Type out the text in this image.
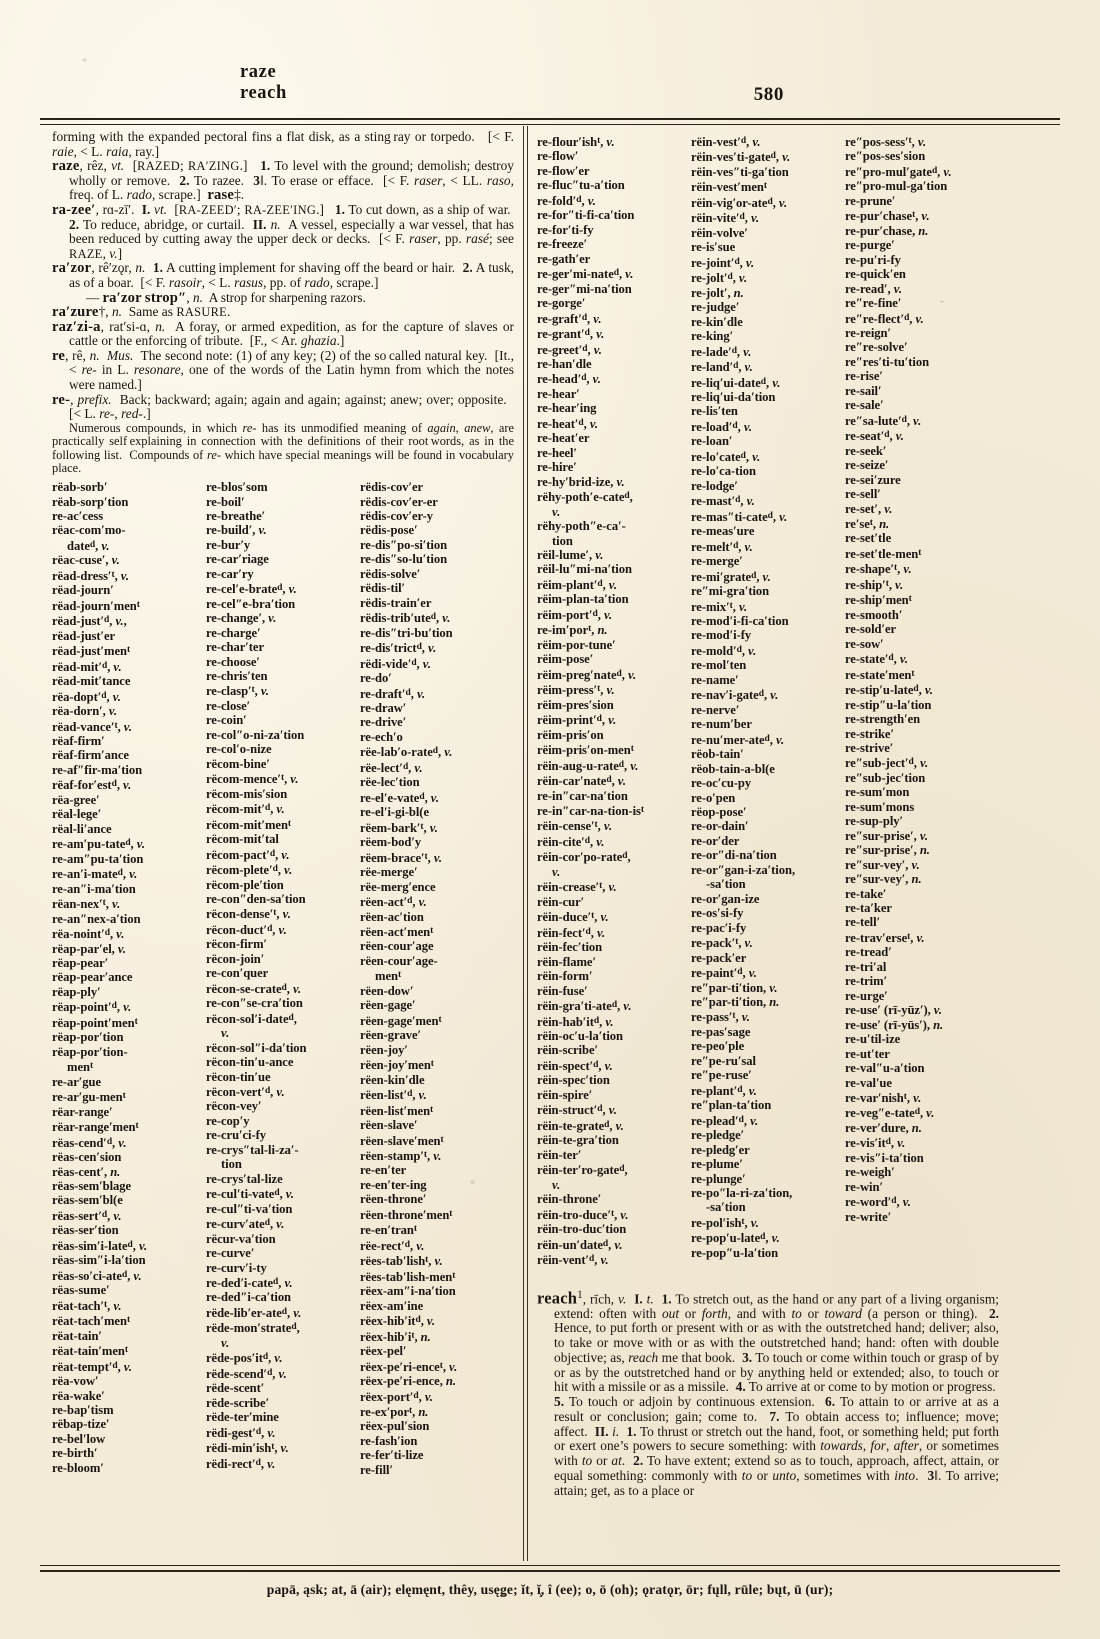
raze
reach	580
forming with the expanded pectoral fins a flat disk, as a sting ray or torpedo.   [< F. raie, < L. raia, ray.]
raze, rêz, vt.  [RAZED; RA′ZING.]   1. To level with the ground; demolish; destroy wholly or remove.  2. To razee.  3‖. To erase or efface.  [< F. raser, < LL. raso, freq. of L. rado, scrape.]  rase‡.
ra-zee′, rɑ-zī′.  I. vt.  [RA-ZEED′; RA-ZEE′ING.]   1. To cut down, as a ship of war.  2. To reduce, abridge, or curtail.  II. n.  A vessel, especially a war vessel, that has been reduced by cutting away the upper deck or decks.  [< F. raser, pp. rasé; see RAZE, v.]
ra′zor, rê′zǫr, n. 1. A cutting implement for shaving off the beard or hair.  2. A tusk, as of a boar.  [< F. rasoir, < L. rasus, pp. of rado, scrape.]
— ra′zor strop″, n.  A strop for sharpening razors.
ra′zure†, n.  Same as RASURE.
raz′zi-a, rat′si-ɑ, n.  A foray, or armed expedition, as for the capture of slaves or cattle or the enforcing of tribute.  [F., < Ar. ghazia.]
re, rê, n. Mus.  The second note: (1) of any key; (2) of the so called natural key.  [It., < re- in L. resonare, one of the words of the Latin hymn from which the notes were named.]
re-, prefix.  Back; backward; again; again and again; against; anew; over; opposite.   [< L. re-, red-.]
Numerous compounds, in which re- has its unmodified meaning of again, anew, are practically self explaining in connection with the definitions of their root words, as in the following list.  Compounds of re- which have special meanings will be found in vocabulary place.
rëab-sorb′
rëab-sorp′tion
re-ac′cess
rëac-com′mo-
date$^d$, v.
rëac-cuse′, v.
$rëad-dress'^t$, v.
rëad-journ′
rëad-journ′men$^t$
$rëad-just'^d$, v.,
rëad-just′er
rëad-just′men$^t$
$rëad-mit'^d$, v.
rëad-mit′tance
$rëa-dopt'^d$, v.
rëa-dorn′, v.
$rëad-vance'^t$, v.
rëaf-firm′
rëaf-firm′ance
re-af″fir-ma′tion
rëaf-for′est$^d$, v.
rëa-gree′
rëal-lege′
rëal-li′ance
re-am′pu-tate$^d$, v.
re-am″pu-ta′tion
re-an′i-mate$^d$, v.
re-an″i-ma′tion
$rëan-nex'^t$, v.
re-an″nex-a′tion
$rëa-noint'^d$, v.
rëap-par′el, v.
rëap-pear′
rëap-pear′ance
rëap-ply′
$rëap-point'^d$, v.
rëap-point′men$^t$
rëap-por′tion
rëap-por′tion-
men$^t$
re-ar′gue
re-ar′gu-men$^t$
rëar-range′
rëar-range′men$^t$
$rëas-cend'^d$, v.
rëas-cen′sion
rëas-cent′, n.
rëas-sem′blage
rëas-sem′bl(e
$rëas-sert'^d$, v.
rëas-ser′tion
rëas-sim′i-late$^d$, v.
rëas-sim″i-la′tion
rëas-so′ci-ate$^d$, v.
rëas-sume′
$rëat-tach'^t$, v.
rëat-tach′men$^t$
rëat-tain′
rëat-tain′men$^t$
$rëat-tempt'^d$, v.
rëa-vow′
rëa-wake′
re-bap′tism
rëbap-tize′
re-bel′low
re-birth′
re-bloom′
re-blos′som
re-boil′
re-breathe′
re-build′, v.
re-bur′y
re-car′riage
re-car′ry
re-cel′e-brate$^d$, v.
re-cel″e-bra′tion
re-change′, v.
re-charge′
re-char′ter
re-choose′
re-chris′ten
$re-clasp'^t$, v.
re-close′
re-coin′
re-col″o-ni-za′tion
re-col′o-nize
rëcom-bine′
$rëcom-mence'^t$, v.
rëcom-mis′sion
$rëcom-mit'^d$, v.
rëcom-mit′men$^t$
rëcom-mit′tal
$rëcom-pact'^d$, v.
$rëcom-plete'^d$, v.
rëcom-ple′tion
re-con″den-sa′tion
$rëcon-dense'^t$, v.
$rëcon-duct'^d$, v.
rëcon-firm′
rëcon-join′
re-con′quer
rëcon-se-crate$^d$, v.
re-con″se-cra′tion
rëcon-sol′i-date$^d$,
v.
rëcon-sol″i-da′tion
rëcon-tin′u-ance
rëcon-tin′ue
$rëcon-vert'^d$, v.
rëcon-vey′
re-cop′y
re-cru′ci-fy
re-crys″tal-li-za′-
tion
re-crys′tal-lize
re-cul′ti-vate$^d$, v.
re-cul″ti-va′tion
re-curv′ate$^d$, v.
rëcur-va′tion
re-curve′
re-curv′i-ty
re-ded′i-cate$^d$, v.
re-ded″i-ca′tion
rëde-lib′er-ate$^d$, v.
rëde-mon′strate$^d$,
v.
$rëde-pos'it^d$, v.
$rëde-scend'^d$, v.
rëde-scent′
rëde-scribe′
rëde-ter′mine
$rëdi-gest'^d$, v.
rëdi-min′ish$^t$, v.
$rëdi-rect'^d$, v.
rëdis-cov′er
rëdis-cov′er-er
rëdis-cov′er-y
rëdis-pose′
re-dis″po-si′tion
re-dis″so-lu′tion
rëdis-solve′
rëdis-til′
rëdis-train′er
rëdis-trib′ute$^d$, v.
re-dis″tri-bu′tion
re-dis′trict$^d$, v.
$rëdi-vide'^d$, v.
re-do′
$re-draft'^d$, v.
re-draw′
re-drive′
re-ech′o
rëe-lab′o-rate$^d$, v.
$rëe-lect'^d$, v.
rëe-lec′tion
re-el′e-vate$^d$, v.
re-el′i-gi-bl(e
$rëem-bark'^t$, v.
rëem-bod′y
$rëem-brace'^t$, v.
rëe-merge′
rëe-merg′ence
$rëen-act'^d$, v.
rëen-ac′tion
rëen-act′men$^t$
rëen-cour′age
rëen-cour′age-
men$^t$
rëen-dow′
rëen-gage′
rëen-gage′men$^t$
rëen-grave′
rëen-joy′
rëen-joy′men$^t$
rëen-kin′dle
$rëen-list'^d$, v.
rëen-list′men$^t$
rëen-slave′
rëen-slave′men$^t$
$rëen-stamp'^t$, v.
re-en′ter
re-en′ter-ing
rëen-throne′
rëen-throne′men$^t$
re-en′tran$^t$
$rëe-rect'^d$, v.
rëes-tab′lish$^t$, v.
rëes-tab′lish-men$^t$
rëex-am″i-na′tion
rëex-am′ine
$rëex-hib'it^d$, v.
$rëex-hib'i^t$, n.
rëex-pel′
rëex-pe′ri-ence$^t$, v.
rëex-pe′ri-ence, n.
$rëex-port'^d$, v.
re-ex′por$^t$, n.
rëex-pul′sion
re-fash′ion
re-fer′ti-lize
re-fill′
re-flour′ish$^t$, v.
re-flow′
re-flow′er
re-fluc″tu-a′tion
$re-fold'^d$, v.
re-for″ti-fi-ca′tion
re-for′ti-fy
re-freeze′
re-gath′er
re-ger′mi-nate$^d$, v.
re-ger″mi-na′tion
re-gorge′
$re-graft'^d$, v.
$re-grant'^d$, v.
$re-greet'^d$, v.
re-han′dle
$re-head'^d$, v.
re-hear′
re-hear′ing
$re-heat'^d$, v.
re-heat′er
re-heel′
re-hire′
re-hy′brid-ize, v.
rëhy-poth′e-cate$^d$,
v.
rëhy-poth″e-ca′-
tion
rëil-lume′, v.
rëil-lu″mi-na′tion
$rëim-plant'^d$, v.
rëim-plan-ta′tion
$rëim-port'^d$, v.
re-im′por$^t$, n.
rëim-por-tune′
rëim-pose′
rëim-preg′nate$^d$, v.
$rëim-press'^t$, v.
rëim-pres′sion
$rëim-print'^d$, v.
rëim-pris′on
rëim-pris′on-men$^t$
rëin-aug-u-rate$^d$, v.
rëin-car′nate$^d$, v.
re-in″car-na′tion
$re-in''car-na-tion-is^t$
$rëin-cense'^t$, v.
$rëin-cite'^d$, v.
rëin-cor′po-rate$^d$,
v.
$rëin-crease'^t$, v.
rëin-cur′
$rëin-duce'^t$, v.
$rëin-fect'^d$, v.
rëin-fec′tion
rëin-flame′
rëin-form′
rëin-fuse′
rëin-gra′ti-ate$^d$, v.
$rëin-hab'it^d$, v.
rëin-oc′u-la′tion
rëin-scribe′
$rëin-spect'^d$, v.
rëin-spec′tion
rëin-spire′
$rëin-struct'^d$, v.
rëin-te-grate$^d$, v.
rëin-te-gra′tion
rëin-ter′
rëin-ter′ro-gate$^d$,
v.
rëin-throne′
$rëin-tro-duce'^t$, v.
rëin-tro-duc′tion
rëin-un′date$^d$, v.
$rëin-vent'^d$, v.
$rëin-vest'^d$, v.
rëin-ves′ti-gate$^d$, v.
rëin-ves″ti-ga′tion
rëin-vest′men$^t$
rëin-vig′or-ate$^d$, v.
$rëin-vite'^d$, v.
rëin-volve′
re-is′sue
$re-joint'^d$, v.
$re-jolt'^d$, v.
re-jolt′, n.
re-judge′
re-kin′dle
re-king′
$re-lade'^d$, v.
$re-land'^d$, v.
re-liq′ui-date$^d$, v.
re-liq′ui-da′tion
re-lis′ten
$re-load'^d$, v.
re-loan′
re-lo′cate$^d$, v.
re-lo′ca-tion
re-lodge′
$re-mast'^d$, v.
re-mas″ti-cate$^d$, v.
re-meas′ure
$re-melt'^d$, v.
re-merge′
re-mi′grate$^d$, v.
re″mi-gra′tion
$re-mix'^t$, v.
re-mod′i-fi-ca′tion
re-mod′i-fy
$re-mold'^d$, v.
re-mol′ten
re-name′
re-nav′i-gate$^d$, v.
re-nerve′
re-num′ber
re-nu′mer-ate$^d$, v.
rëob-tain′
rëob-tain-a-bl(e
re-oc′cu-py
re-o′pen
rëop-pose′
re-or-dain′
re-or′der
re-or″di-na′tion
re-or″gan-i-za′tion,
-sa′tion
re-or′gan-ize
re-os′si-fy
re-pac′i-fy
$re-pack'^t$, v.
re-pack′er
$re-paint'^d$, v.
re″par-ti′tion, v.
re″par-ti′tion, n.
$re-pass'^t$, v.
re-pas′sage
re-peo′ple
re″pe-ru′sal
re″pe-ruse′
$re-plant'^d$, v.
re″plan-ta′tion
$re-plead'^d$, v.
re-pledge′
re-pledg′er
re-plume′
re-plunge′
re-po″la-ri-za′tion,
-sa′tion
re-pol′ish$^t$, v.
re-pop′u-late$^d$, v.
re-pop″u-la′tion
$re''pos-sess'^t$, v.
re″pos-ses′sion
re″pro-mul′gate$^d$, v.
re″pro-mul-ga′tion
re-prune′
re-pur′chase$^t$, v.
re-pur′chase, n.
re-purge′
re-pu′ri-fy
re-quick′en
re-read′, v.
re″re-fine′
$re''re-flect'^d$, v.
re-reign′
re″re-solve′
re″res′ti-tu′tion
re-rise′
re-sail′
re-sale′
$re''sa-lute'^d$, v.
$re-seat'^d$, v.
re-seek′
re-seize′
re-sei′zure
re-sell′
re-set′, v.
$re'se^t$, n.
re-set′tle
re-set′tle-men$^t$
$re-shape'^t$, v.
$re-ship'^t$, v.
re-ship′men$^t$
re-smooth′
re-sold′er
re-sow′
$re-state'^d$, v.
re-state′men$^t$
re-stip′u-late$^d$, v.
re-stip″u-la′tion
re-strength′en
re-strike′
re-strive′
$re''sub-ject'^d$, v.
re″sub-jec′tion
re-sum′mon
re-sum′mons
re-sup-ply′
re″sur-prise′, v.
re″sur-prise′, n.
re″sur-vey′, v.
re″sur-vey′, n.
re-take′
re-ta′ker
re-tell′
re-trav′erse$^t$, v.
re-tread′
re-tri′al
re-trim′
re-urge′
re-use′ (rī-yūz′), v.
re-use′ (rī-yūs′), n.
re-u′til-ize
re-ut′ter
re-val″u-a′tion
re-val′ue
re-var′nish$^t$, v.
re-veg″e-tate$^d$, v.
re-ver′dure, n.
$re-vis'it^d$, v.
re-vis″i-ta′tion
re-weigh′
re-win′
$re-word'^d$, v.
re-write′
reach$^1$, rīch, v. I. t. 1. To stretch out, as the hand or any part of a living organism; extend: often with out or forth, and with to or toward (a person or thing).  2. Hence, to put forth or present with or as with the outstretched hand; deliver; also, to take or move with or as with the outstretched hand; hand: often with double objective; as, reach me that book.  3. To touch or come within touch or grasp of by or as by the outstretched hand or by anything held or extended; also, to touch or hit with a missile or as a missile.  4. To arrive at or come to by motion or progress.  5. To touch or adjoin by continuous extension.  6. To attain to or arrive at as a result or conclusion; gain; come to.  7. To obtain access to; influence; move; affect.  II. i. 1. To thrust or stretch out the hand, foot, or something held; put forth or exert one’s powers to secure something: with towards, for, after, or sometimes with to or at.  2. To have extent; extend so as to touch, approach, affect, attain, or equal something: commonly with to or unto, sometimes with into.  3‖. To arrive; attain; get, as to a place or
papā, ąsk; at, ā (air); elęmęnt, thêy, usęǥe; ĭt, ĭ̧, î (ee); o, ō (oh); ǫratǫr, ōr; fųll, rūle; bųt, ū (ur);
